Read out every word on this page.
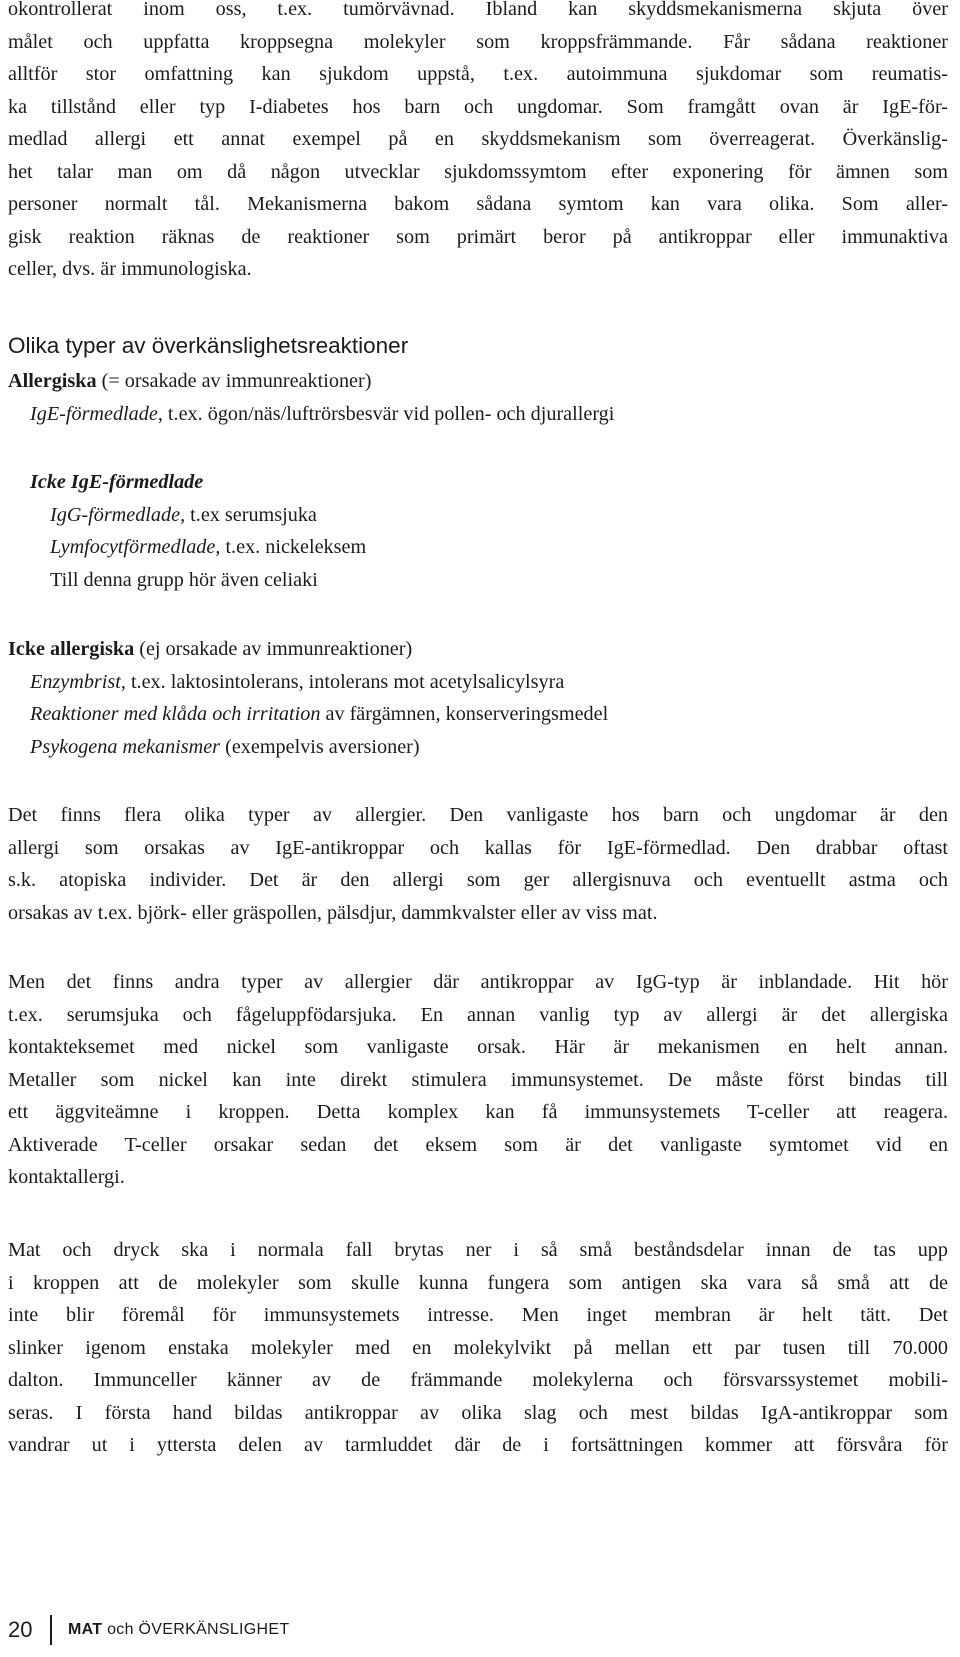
okontrollerat inom oss, t.ex. tumörvävnad. Ibland kan skyddsmekanismerna skjuta över
målet och uppfatta kroppsegna molekyler som kroppsfrämmande. Får sådana reaktioner
alltför stor omfattning kan sjukdom uppstå, t.ex. autoimmuna sjukdomar som reumatis-
ka tillstånd eller typ I-diabetes hos barn och ungdomar. Som framgått ovan är IgE-för-
medlad allergi ett annat exempel på en skyddsmekanism som överreagerat. Överkänslig-
het talar man om då någon utvecklar sjukdomssymtom efter exponering för ämnen som
personer normalt tål. Mekanismerna bakom sådana symtom kan vara olika. Som aller-
gisk reaktion räknas de reaktioner som primärt beror på antikroppar eller immunaktiva
celler, dvs. är immunologiska.
Olika typer av överkänslighetsreaktioner
Allergiska (= orsakade av immunreaktioner)
IgE-förmedlade, t.ex. ögon/näs/luftrörsbesvär vid pollen- och djurallergi
Icke IgE-förmedlade
IgG-förmedlade, t.ex serumsjuka
Lymfocytförmedlade, t.ex. nickeleksem
Till denna grupp hör även celiaki
Icke allergiska (ej orsakade av immunreaktioner)
Enzymbrist, t.ex. laktosintolerans, intolerans mot acetylsalicylsyra
Reaktioner med klåda och irritation av färgämnen, konserveringsmedel
Psykogena mekanismer (exempelvis aversioner)
Det finns flera olika typer av allergier. Den vanligaste hos barn och ungdomar är den
allergi som orsakas av IgE-antikroppar och kallas för IgE-förmedlad. Den drabbar oftast
s.k. atopiska individer. Det är den allergi som ger allergisnuva och eventuellt astma och
orsakas av t.ex. björk- eller gräspollen, pälsdjur, dammkvalster eller av viss mat.
Men det finns andra typer av allergier där antikroppar av IgG-typ är inblandade. Hit hör
t.ex. serumsjuka och fågeluppfödarsjuka. En annan vanlig typ av allergi är det allergiska
kontakteksemet med nickel som vanligaste orsak. Här är mekanismen en helt annan.
Metaller som nickel kan inte direkt stimulera immunsystemet. De måste först bindas till
ett äggviteämne i kroppen. Detta komplex kan få immunsystemets T-celler att reagera.
Aktiverade T-celler orsakar sedan det eksem som är det vanligaste symtomet vid en
kontaktallergi.
Mat och dryck ska i normala fall brytas ner i så små beståndsdelar innan de tas upp
i kroppen att de molekyler som skulle kunna fungera som antigen ska vara så små att de
inte blir föremål för immunsystemets intresse. Men inget membran är helt tätt. Det
slinker igenom enstaka molekyler med en molekylvikt på mellan ett par tusen till 70.000
dalton. Immunceller känner av de främmande molekylerna och försvarssystemet mobili-
seras. I första hand bildas antikroppar av olika slag och mest bildas IgA-antikroppar som
vandrar ut i yttersta delen av tarmluddet där de i fortsättningen kommer att försvåra för
20 MAT och ÖVERKÄNSLIGHET
